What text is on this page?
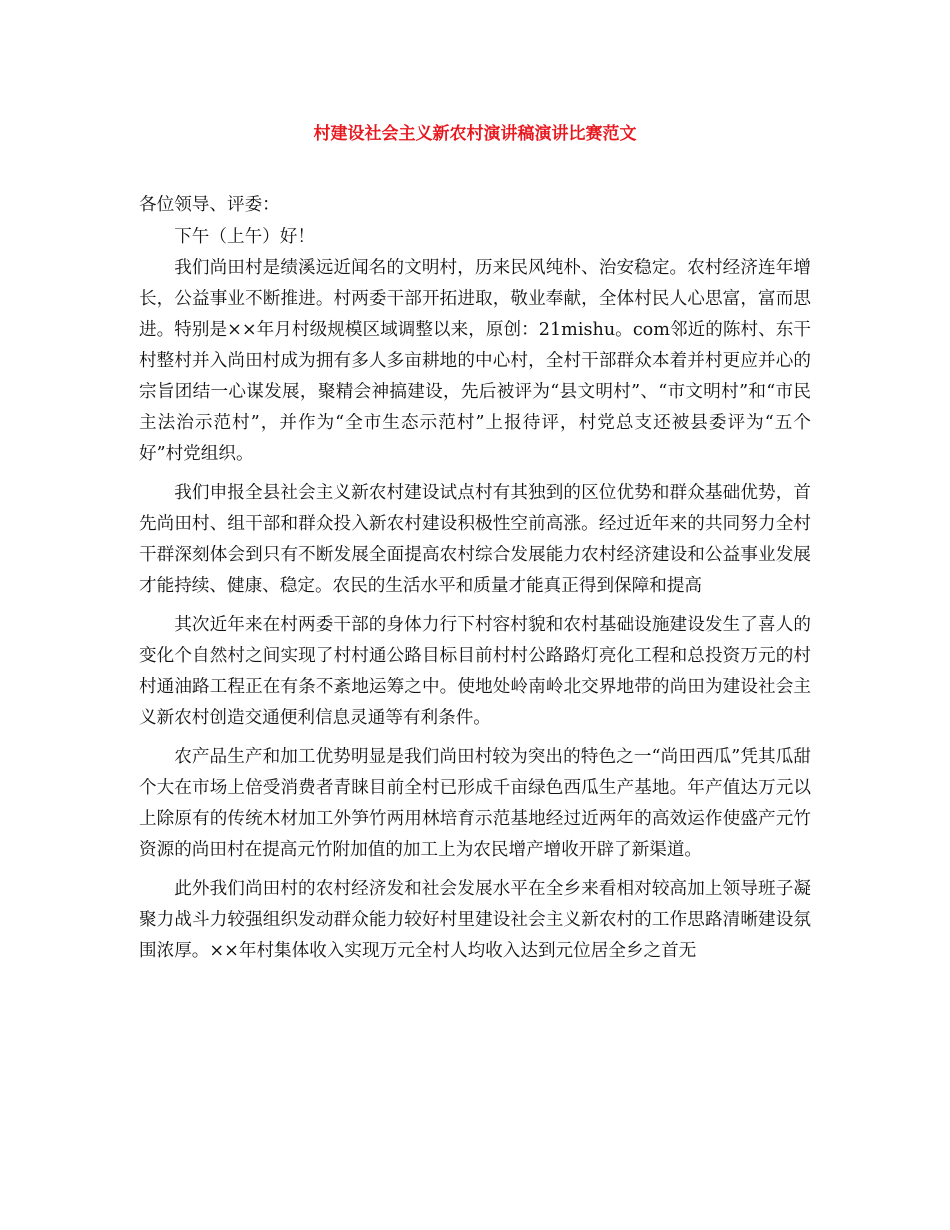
村建设社会主义新农村演讲稿演讲比赛范文

各位领导、评委：

下午（上午）好！

我们尚田村是绩溪远近闻名的文明村，历来民风纯朴、治安稳定。农村经济连年增长，公益事业不断推进。村两委干部开拓进取，敬业奉献，全体村民人心思富，富而思进。特别是××年月村级规模区域调整以来，原创：21mishu。com邻近的陈村、东干村整村并入尚田村成为拥有多人多亩耕地的中心村，全村干部群众本着并村更应并心的宗旨团结一心谋发展，聚精会神搞建设，先后被评为“县文明村”、“市文明村”和“市民主法治示范村”，并作为“全市生态示范村”上报待评，村党总支还被县委评为“五个好”村党组织。

我们申报全县社会主义新农村建设试点村有其独到的区位优势和群众基础优势，首先尚田村、组干部和群众投入新农村建设积极性空前高涨。经过近年来的共同努力全村干群深刻体会到只有不断发展全面提高农村综合发展能力农村经济建设和公益事业发展才能持续、健康、稳定。农民的生活水平和质量才能真正得到保障和提高

其次近年来在村两委干部的身体力行下村容村貌和农村基础设施建设发生了喜人的变化个自然村之间实现了村村通公路目标目前村村公路路灯亮化工程和总投资万元的村村通油路工程正在有条不紊地运筹之中。使地处岭南岭北交界地带的尚田为建设社会主义新农村创造交通便利信息灵通等有利条件。

农产品生产和加工优势明显是我们尚田村较为突出的特色之一“尚田西瓜”凭其瓜甜个大在市场上倍受消费者青睐目前全村已形成千亩绿色西瓜生产基地。年产值达万元以上除原有的传统木材加工外笋竹两用林培育示范基地经过近两年的高效运作使盛产元竹资源的尚田村在提高元竹附加值的加工上为农民增产增收开辟了新渠道。

此外我们尚田村的农村经济发和社会发展水平在全乡来看相对较高加上领导班子凝聚力战斗力较强组织发动群众能力较好村里建设社会主义新农村的工作思路清晰建设氛围浓厚。××年村集体收入实现万元全村人均收入达到元位居全乡之首无
